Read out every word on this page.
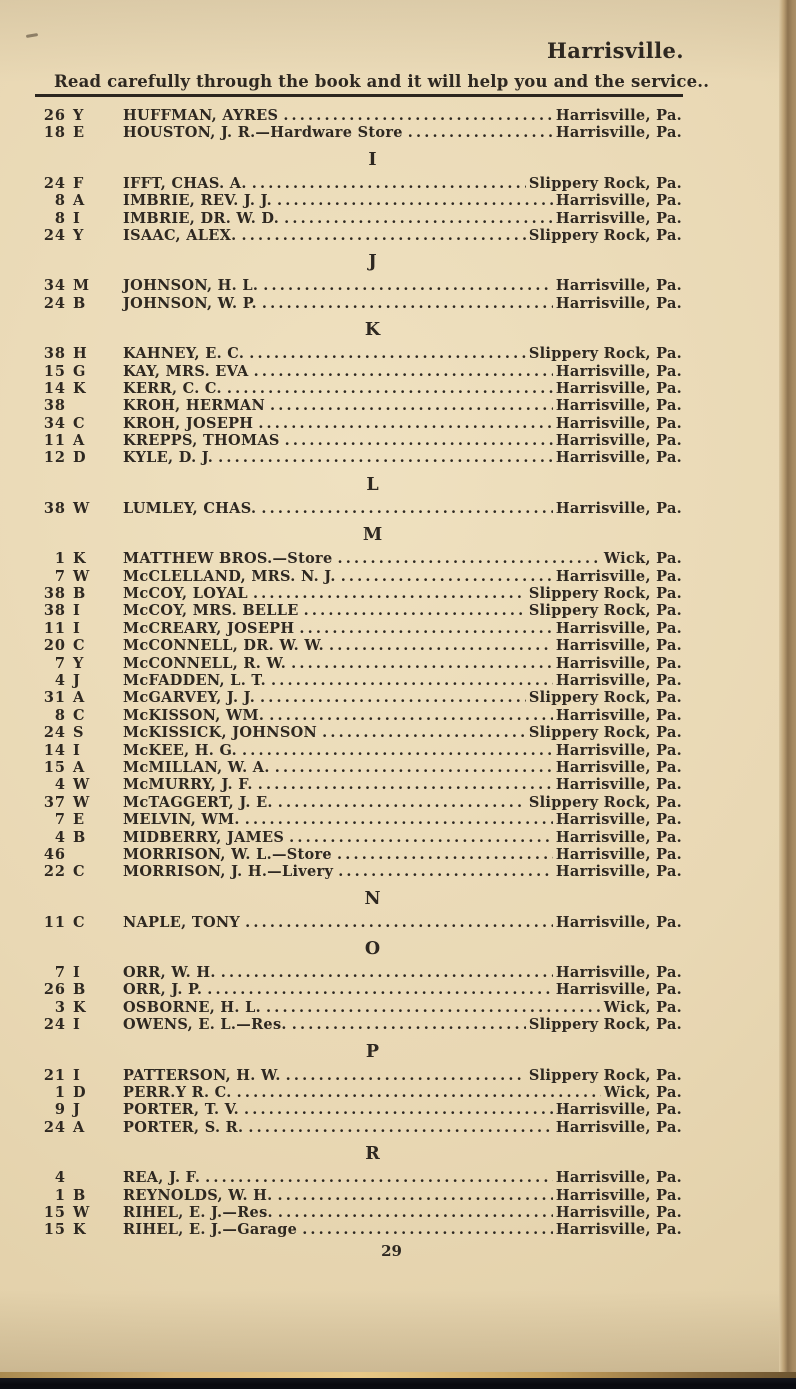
Harrisville.
Read carefully through the book and it will help you and the service..
26 Y	HUFFMAN, AYRES .....	Harrisville, Pa.
18 E	HOUSTON, J. R.—Hardware Store .....	Harrisville, Pa.
I
24 F	IFFT, CHAS. A. .....	Slippery Rock, Pa.
8 A	IMBRIE, REV. J. J. .....	Harrisville, Pa.
8 I	IMBRIE, DR. W. D. .....	Harrisville, Pa.
24 Y	ISAAC, ALEX. .....	Slippery Rock, Pa.
J
34 M	JOHNSON, H. L. .....	Harrisville, Pa.
24 B	JOHNSON, W. P. .....	Harrisville, Pa.
K
38 H	KAHNEY, E. C. .....	Slippery Rock, Pa.
15 G	KAY, MRS. EVA .....	Harrisville, Pa.
14 K	KERR, C. C. .....	Harrisville, Pa.
38	KROH, HERMAN .....	Harrisville, Pa.
34 C	KROH, JOSEPH .....	Harrisville, Pa.
11 A	KREPPS, THOMAS .....	Harrisville, Pa.
12 D	KYLE, D. J. .....	Harrisville, Pa.
L
38 W	LUMLEY, CHAS. .....	Harrisville, Pa.
M
1 K	MATTHEW BROS.—Store .....	Wick, Pa.
7 W	McCLELLAND, MRS. N. J. .....	Harrisville, Pa.
38 B	McCOY, LOYAL .....	Slippery Rock, Pa.
38 I	McCOY, MRS. BELLE .....	Slippery Rock, Pa.
11 I	McCREARY, JOSEPH .....	Harrisville, Pa.
20 C	McCONNELL, DR. W. W. .....	Harrisville, Pa.
7 Y	McCONNELL, R. W. .....	Harrisville, Pa.
4 J	McFADDEN, L. T. .....	Harrisville, Pa.
31 A	McGARVEY, J. J. .....	Slippery Rock, Pa.
8 C	McKISSON, WM. .....	Harrisville, Pa.
24 S	McKISSICK, JOHNSON .....	Slippery Rock, Pa.
14 I	McKEE, H. G. .....	Harrisville, Pa.
15 A	McMILLAN, W. A. .....	Harrisville, Pa.
4 W	McMURRY, J. F. .....	Harrisville, Pa.
37 W	McTAGGERT, J. E. .....	Slippery Rock, Pa.
7 E	MELVIN, WM. .....	Harrisville, Pa.
4 B	MIDBERRY, JAMES .....	Harrisville, Pa.
46	MORRISON, W. L.—Store .....	Harrisville, Pa.
22 C	MORRISON, J. H.—Livery .....	Harrisville, Pa.
N
11 C	NAPLE, TONY .....	Harrisville, Pa.
O
7 I	ORR, W. H. .....	Harrisville, Pa.
26 B	ORR, J. P. .....	Harrisville, Pa.
3 K	OSBORNE, H. L. .....	Wick, Pa.
24 I	OWENS, E. L.—Res. .....	Slippery Rock, Pa.
P
21 I	PATTERSON, H. W. .....	Slippery Rock, Pa.
1 D	PERR.Y R. C. .....	Wick, Pa.
9 J	PORTER, T. V. .....	Harrisville, Pa.
24 A	PORTER, S. R. .....	Harrisville, Pa.
R
4	REA, J. F. .....	Harrisville, Pa.
1 B	REYNOLDS, W. H. .....	Harrisville, Pa.
15 W	RIHEL, E. J.—Res. .....	Harrisville, Pa.
15 K	RIHEL, E. J.—Garage .....	Harrisville, Pa.
29
